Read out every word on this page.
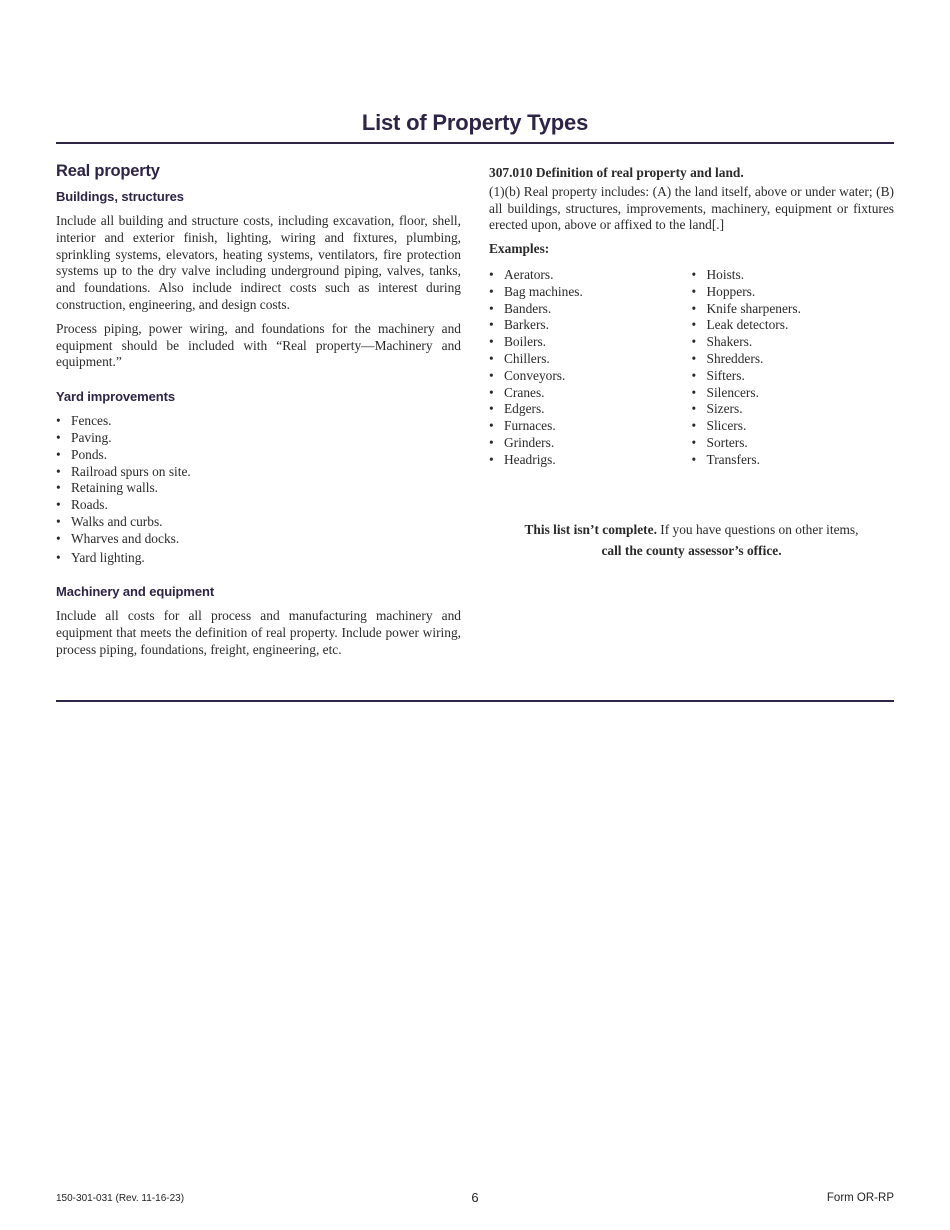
List of Property Types
Real property
Buildings, structures

Include all building and structure costs, including excavation, floor, shell, interior and exterior finish, lighting, wiring and fixtures, plumbing, sprinkling systems, elevators, heating systems, ventilators, fire protection systems up to the dry valve including underground piping, valves, tanks, and foundations. Also include indirect costs such as interest during construction, engineering, and design costs.

Process piping, power wiring, and foundations for the machinery and equipment should be included with “Real property—Machinery and equipment.”

Yard improvements
• Fences.
• Paving.
• Ponds.
• Railroad spurs on site.
• Retaining walls.
• Roads.
• Walks and curbs.
• Wharves and docks.
• Yard lighting.
Machinery and equipment

Include all costs for all process and manufacturing machinery and equipment that meets the definition of real property. Include power wiring, process piping, foundations, freight, engineering, etc.

307.010 Definition of real property and land.

(1)(b) Real property includes: (A) the land itself, above or under water; (B) all buildings, structures, improvements, machinery, equipment or fixtures erected upon, above or affixed to the land[.]

Examples:
• Aerators.
• Bag machines.
• Banders.
• Barkers.
• Boilers.
• Chillers.
• Conveyors.
• Cranes.
• Edgers.
• Furnaces.
• Grinders.
• Headrigs.
• Hoists.
• Hoppers.
• Knife sharpeners.
• Leak detectors.
• Shakers.
• Shredders.
• Sifters.
• Silencers.
• Sizers.
• Slicers.
• Sorters.
• Transfers.
This list isn’t complete. If you have questions on other items, call the county assessor’s office.
150-301-031 (Rev. 11-16-23)	6	Form OR-RP
